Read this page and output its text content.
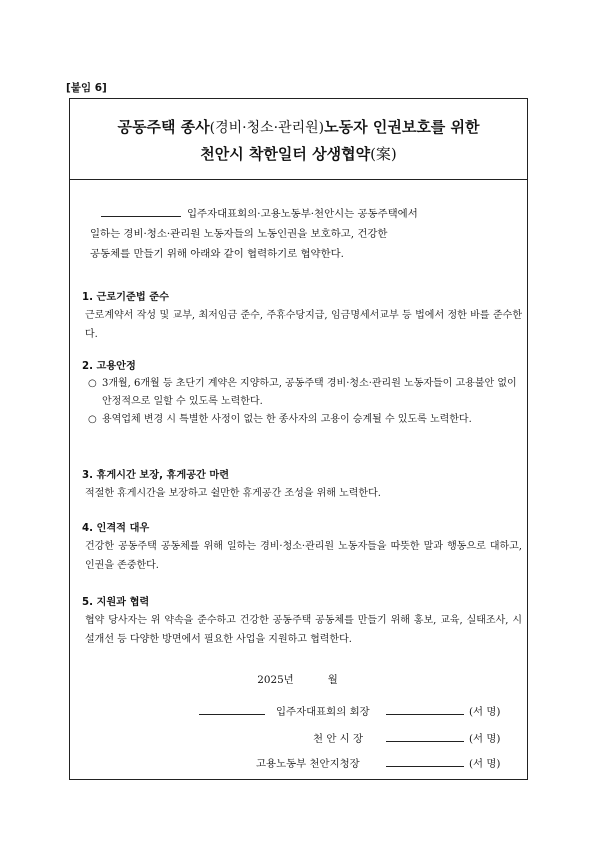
[붙임 6]
공동주택 종사(경비·청소·관리원)노동자 인권보호를 위한
천안시 착한일터 상생협약(案)
입주자대표회의·고용노동부·천안시는 공동주택에서
일하는 경비·청소·관리원 노동자들의 노동인권을 보호하고, 건강한
공동체를 만들기 위해 아래와 같이 협력하기로 협약한다.
1. 근로기준법 준수
근로계약서 작성 및 교부, 최저임금 준수, 주휴수당지급, 임금명세서교부 등 법에서 정한 바를 준수한다.
2. 고용안정
○ 3개월, 6개월 등 초단기 계약은 지양하고, 공동주택 경비·청소·관리원 노동자들이 고용불안 없이 안정적으로 일할 수 있도록 노력한다.
○ 용역업체 변경 시 특별한 사정이 없는 한 종사자의 고용이 승계될 수 있도록 노력한다.
3. 휴게시간 보장, 휴게공간 마련
적절한 휴게시간을 보장하고 쉴만한 휴게공간 조성을 위해 노력한다.
4. 인격적 대우
건강한 공동주택 공동체를 위해 일하는 경비·청소·관리원 노동자들을 따뜻한 말과 행동으로 대하고, 인권을 존중한다.
5. 지원과 협력
협약 당사자는 위 약속을 준수하고 건강한 공동주택 공동체를 만들기 위해 홍보, 교육, 실태조사, 시설개선 등 다양한 방면에서 필요한 사업을 지원하고 협력한다.
2025년	월
입주자대표회의 회장	(서 명)
천 안 시 장	(서 명)
고용노동부 천안지청장	(서 명)
